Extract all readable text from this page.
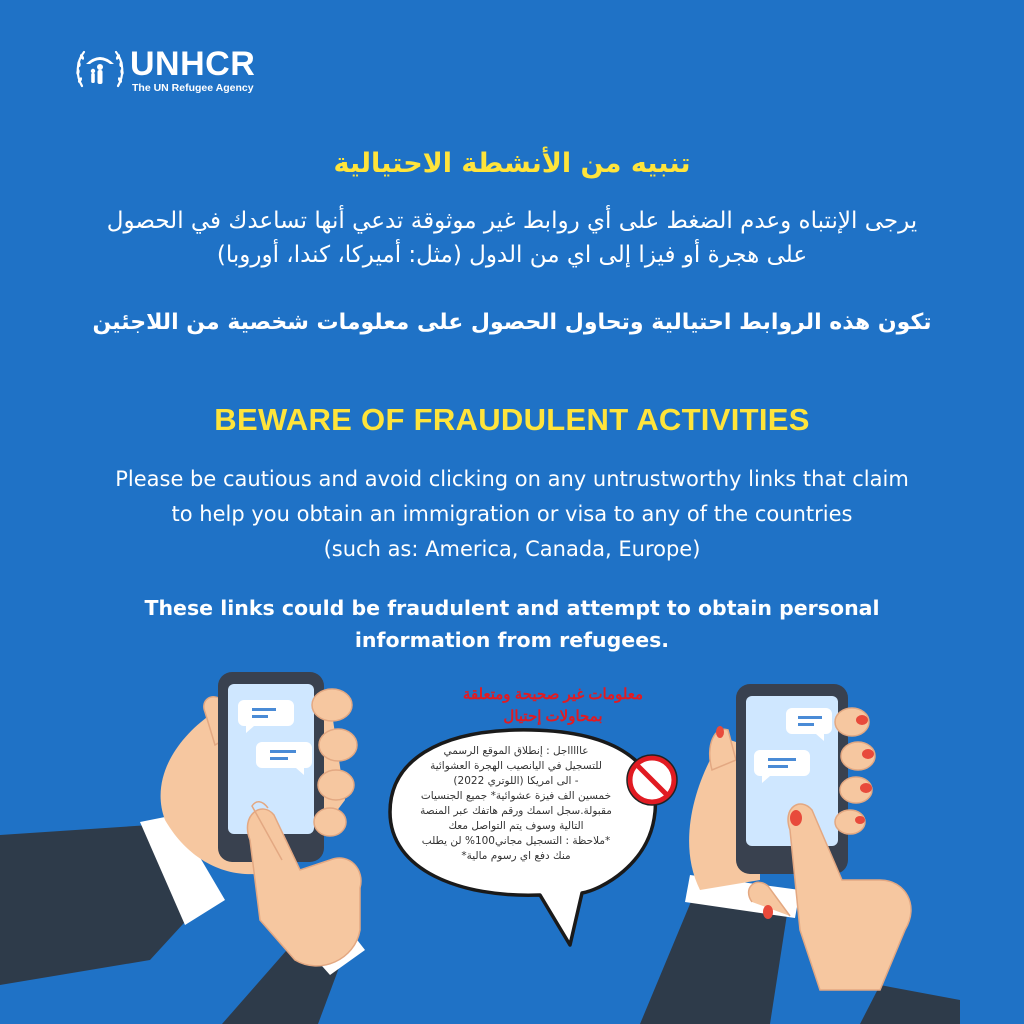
UNHCR
The UN Refugee Agency
تنبيه من الأنشطة الاحتيالية
يرجى الإنتباه وعدم الضغط على أي روابط غير موثوقة تدعي أنها تساعدك في الحصول على هجرة أو فيزا إلى اي من الدول (مثل: أميركا، كندا، أوروبا)
تكون هذه الروابط احتيالية وتحاول الحصول على معلومات شخصية من اللاجئين
BEWARE OF FRAUDULENT ACTIVITIES
Please be cautious and avoid clicking on any untrustworthy links that claim
to help you obtain an immigration or visa to any of the countries
(such as: America, Canada, Europe)
These links could be fraudulent and attempt to obtain personal
information from refugees.
معلومات غير صحيحة ومتعلقة
بمحاولات إحتيال
عاااااجل : إنطلاق الموقع الرسمي
للتسجيل في اليانصيب الهجرة العشوائية
- الى امريكا (اللوتري 2022)
خمسين الف فيزة عشوائية* جميع الجنسيات
مقبولة.سجل اسمك ورقم هاتفك عبر المنصة
التالية وسوف يتم التواصل معك
*ملاحظة : التسجيل مجاني100% لن يطلب
منك دفع اي رسوم مالية*
